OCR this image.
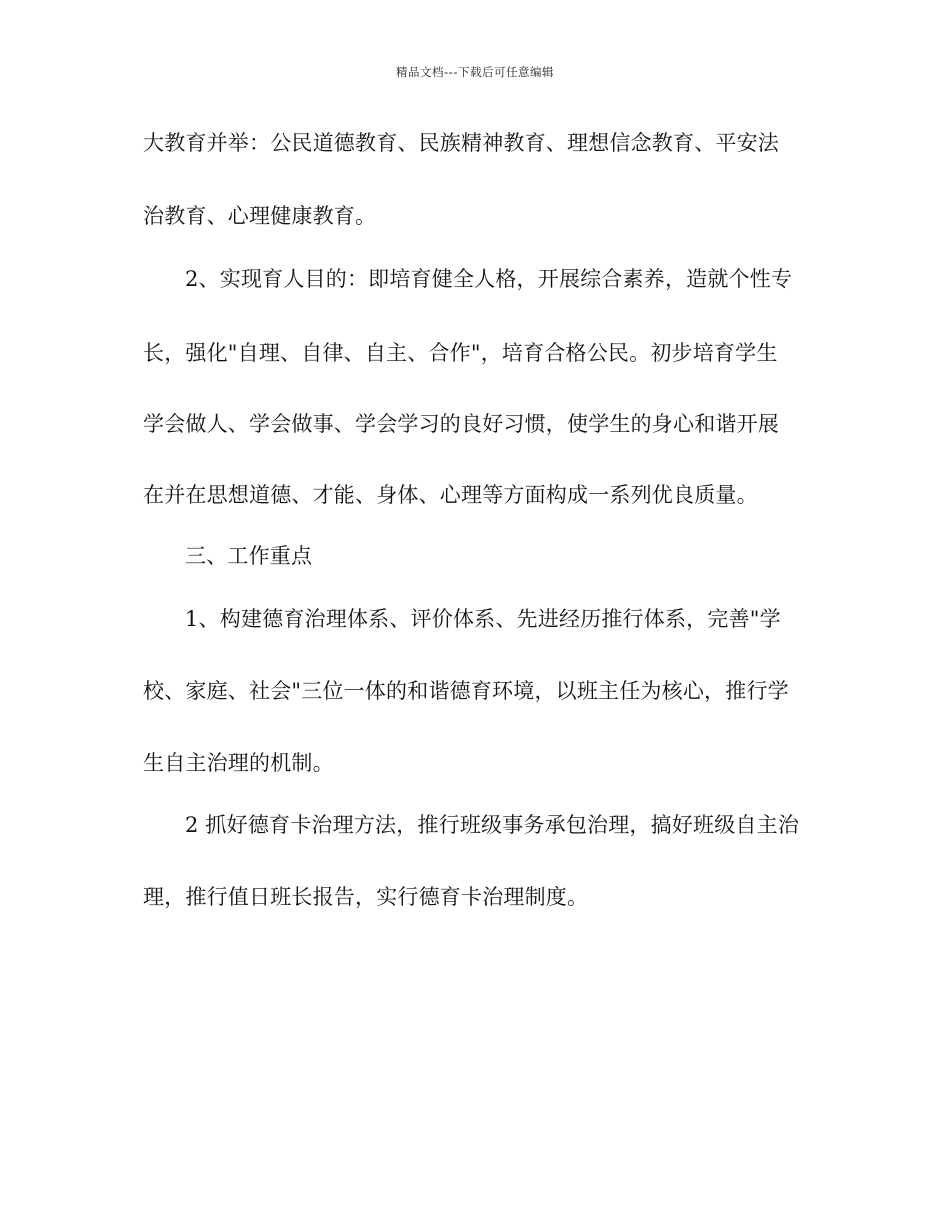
精品文档---下载后可任意编辑
大教育并举：公民道德教育、民族精神教育、理想信念教育、平安法
治教育、心理健康教育。
2、实现育人目的：即培育健全人格，开展综合素养，造就个性专
长，强化"自理、自律、自主、合作"，培育合格公民。初步培育学生
学会做人、学会做事、学会学习的良好习惯，使学生的身心和谐开展
在并在思想道德、才能、身体、心理等方面构成一系列优良质量。
三、工作重点
1、构建德育治理体系、评价体系、先进经历推行体系，完善"学
校、家庭、社会"三位一体的和谐德育环境，以班主任为核心，推行学
生自主治理的机制。
2 抓好德育卡治理方法，推行班级事务承包治理，搞好班级自主治
理，推行值日班长报告，实行德育卡治理制度。
